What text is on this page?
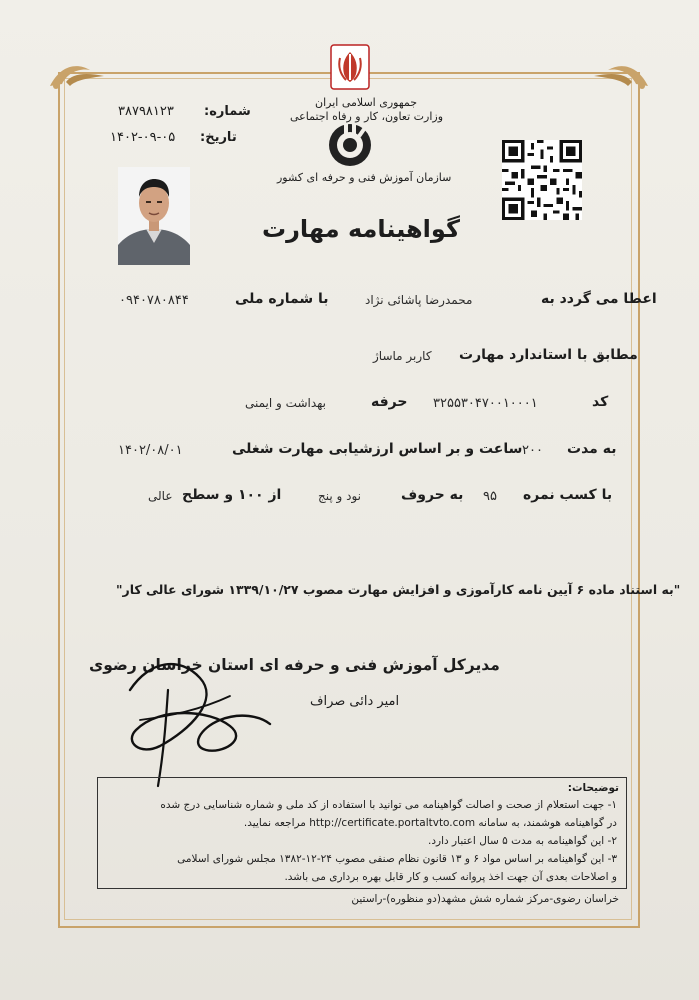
جمهوری اسلامی ایران
وزارت تعاون، کار و رفاه اجتماعی
سازمان آموزش فنی و حرفه ای کشور
شماره:
۳۸۷۹۸۱۲۳
تاریخ:
۱۴۰۲-۰۹-۰۵
گواهینامه مهارت
اعطا می گردد به
محمدرضا پاشائی نژاد
با شماره ملی
۰۹۴۰۷۸۰۸۴۴
مطابق با استاندارد مهارت
کاربر ماساژ
کد
۳۲۵۵۳۰۴۷۰۰۱۰۰۰۱
حرفه
بهداشت و ایمنی
به مدت
۲۰۰
ساعت و بر اساس ارزشیابی مهارت شغلی
۱۴۰۲/۰۸/۰۱
با کسب نمره
۹۵
به حروف
نود و پنج
از ۱۰۰ و سطح
عالی
"به استناد ماده ۶ آیین نامه کارآموزی و افزایش مهارت مصوب ۱۳۳۹/۱۰/۲۷ شورای عالی کار"
مدیرکل آموزش فنی و حرفه ای استان خراسان رضوی
امیر دائی صراف
توضیحات:
۱- جهت استعلام از صحت و اصالت گواهینامه می توانید با استفاده از کد ملی و شماره شناسایی درج شده
در گواهینامه هوشمند، به سامانه http://certificate.portaltvto.com مراجعه نمایید.
۲- این گواهینامه به مدت ۵ سال اعتبار دارد.
۳- این گواهینامه بر اساس مواد ۶ و ۱۳ قانون نظام صنفی مصوب ۲۴-۱۲-۱۳۸۲ مجلس شورای اسلامی
و اصلاحات بعدی آن جهت اخذ پروانه کسب و کار قابل بهره برداری می باشد.
خراسان رضوی-مرکز شماره شش مشهد(دو منظوره)-راستین
